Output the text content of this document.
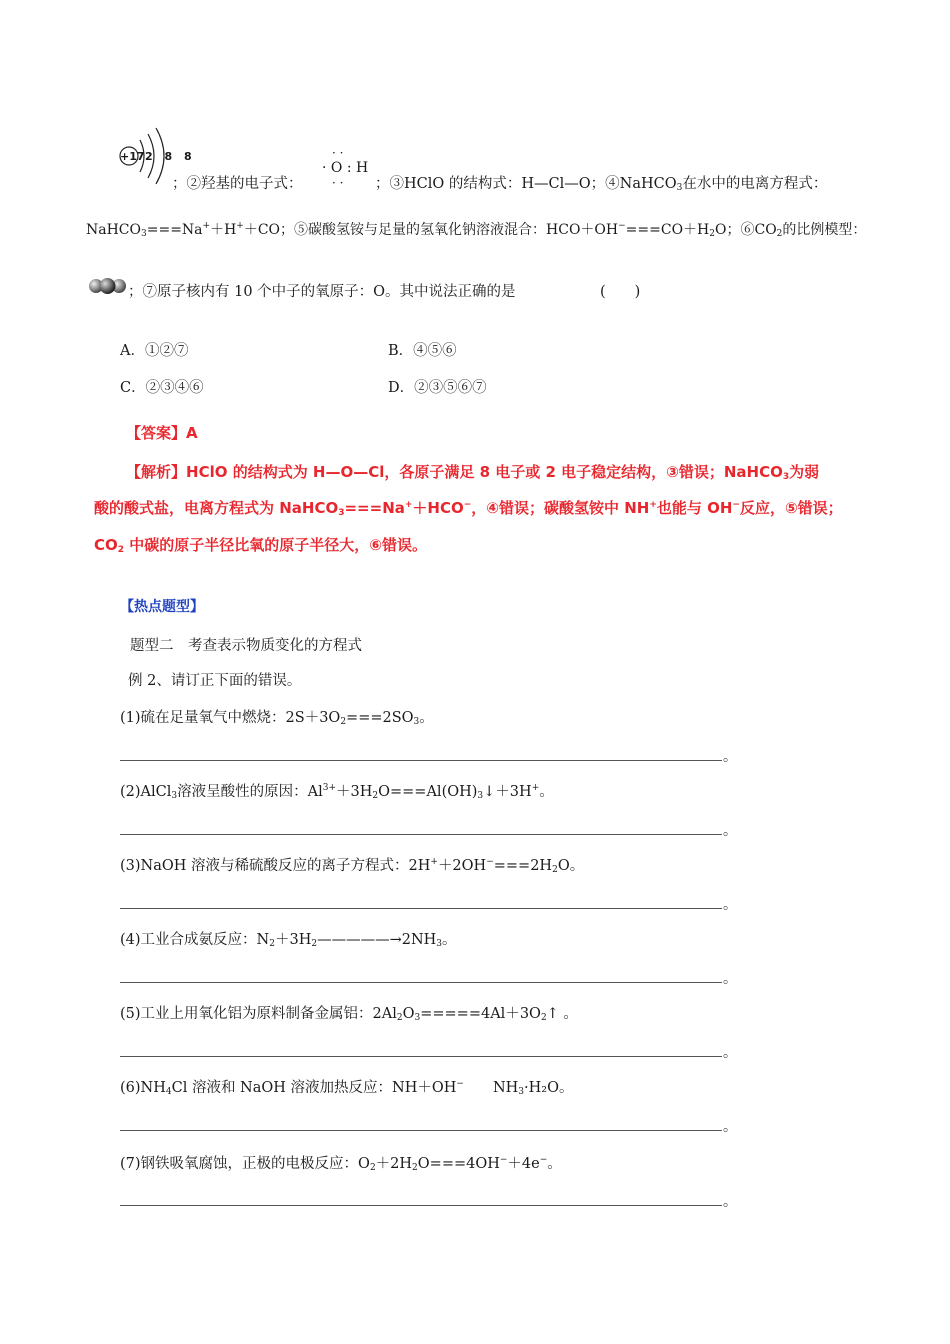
+17 2 8 8
；②羟基的电子式：
· ·
· O : H
· · ；③HClO 的结构式：H—Cl—O；④NaHCO$_3$在水中的电离方程式：
NaHCO$_3$===Na+＋H+＋CO；⑤碳酸氢铵与足量的氢氧化钠溶液混合：$HCO+OH^-===CO+H_2O$；$⑥CO_2$的比例模型：
；⑦原子核内有 10 个中子的氧原子：O。其中说法正确的是	(　　)
A．①②⑦	B．④⑤⑥
C．②③④⑥	D．②③⑤⑥⑦
【答案】A
【解析】HClO 的结构式为 H—O—Cl，各原子满足 8 电子或 2 电子稳定结构，③错误；NaHCO$_3$为弱
酸的酸式盐，电离方程式为 NaHCO$_3$===Na+＋HCO−，④错误；碳酸氢铵中 NH+也能与 OH−反应，⑤错误；
$CO_2$ 中碳的原子半径比氧的原子半径大，⑥错误。
【热点题型】
题型二　考查表示物质变化的方程式
例 2、请订正下面的错误。
(1)硫在足量氧气中燃烧：$2S+3O_2===2SO_3$。
。
(2)AlCl$_3$溶液呈酸性的原因：$Al^{3+}+3H_2O===Al(OH)_3↓+3H^+$。
。
(3)NaOH 溶液与稀硫酸反应的离子方程式：$2H^++2OH^-===2H_2O$。
。
(4)工业合成氨反应：$N_2+3H_2—————\to 2NH_3$。
。
(5)工业上用氧化铝为原料制备金属铝：$2Al_2O_3=====4Al+3O_2↑$ 。
。
$(6)NH_4Cl$ 溶液和 NaOH 溶液加热反应：NH＋OH−　　$NH_3\cdot H_2O$。
。
(7)钢铁吸氧腐蚀，正极的电极反应：$O_2+2H_2O===4OH^-+4e^-$。
。
